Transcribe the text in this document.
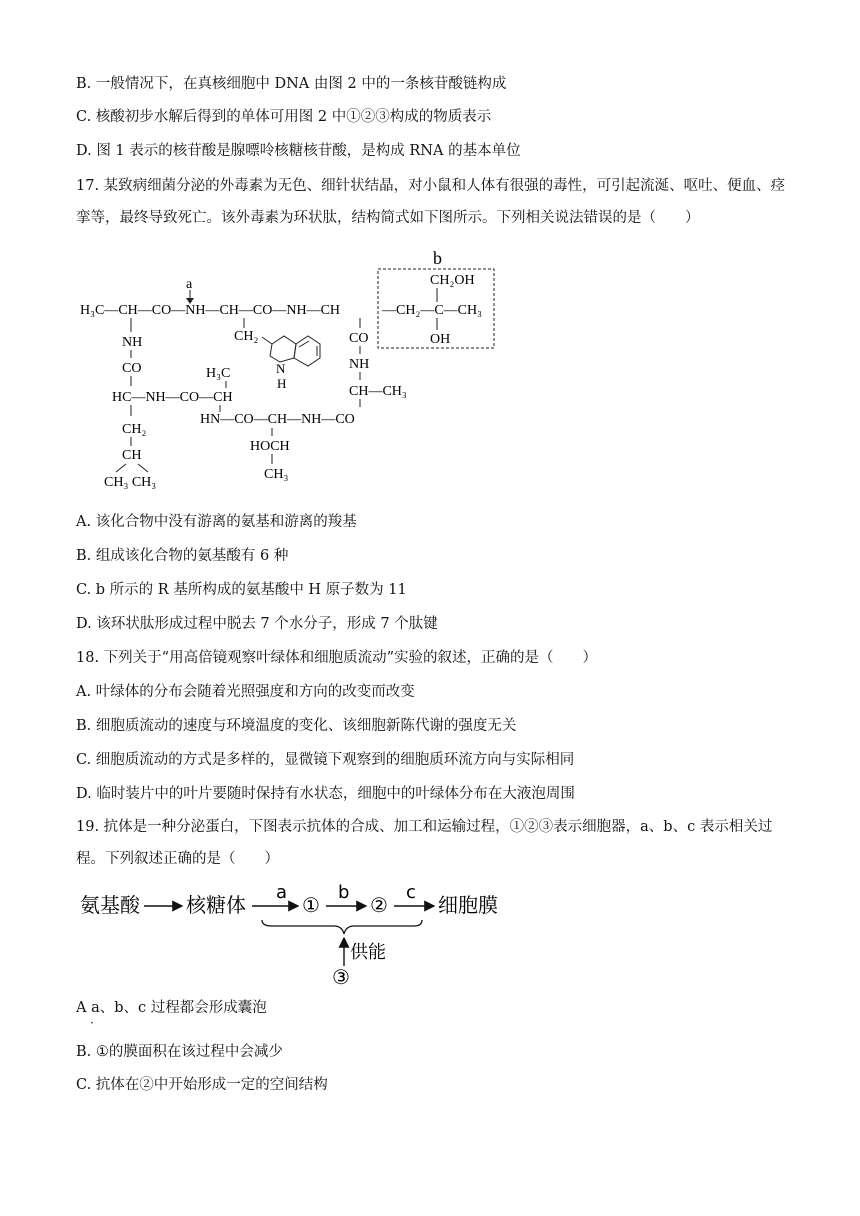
B. 一般情况下，在真核细胞中 DNA 由图 2 中的一条核苷酸链构成
C. 核酸初步水解后得到的单体可用图 2 中①②③构成的物质表示
D. 图 1 表示的核苷酸是腺嘌呤核糖核苷酸，是构成 RNA 的基本单位
17. 某致病细菌分泌的外毒素为无色、细针状结晶，对小鼠和人体有很强的毒性，可引起流涎、呕吐、便血、痉挛等，最终导致死亡。该外毒素为环状肽，结构简式如下图所示。下列相关说法错误的是（　　）
b
a
H₃C—CH—CO—NH—CH—CO—NH—CH	—CH₂—C—CH₃
CH₂OH
OH
CH₂
N
H
CO
NH
CH—CH₃
NH
CO	H₃C
HC—NH—CO—CH
HN—CO—CH—NH—CO
CH₂
CH
CH₃ CH₃
HOCH
CH₃
A. 该化合物中没有游离的氨基和游离的羧基
B. 组成该化合物的氨基酸有 6 种
C. b 所示的 R 基所构成的氨基酸中 H 原子数为 11
D. 该环状肽形成过程中脱去 7 个水分子，形成 7 个肽键
18. 下列关于“用高倍镜观察叶绿体和细胞质流动”实验的叙述，正确的是（　　）
A. 叶绿体的分布会随着光照强度和方向的改变而改变
B. 细胞质流动的速度与环境温度的变化、该细胞新陈代谢的强度无关
C. 细胞质流动的方式是多样的，显微镜下观察到的细胞质环流方向与实际相同
D. 临时装片中的叶片要随时保持有水状态，细胞中的叶绿体分布在大液泡周围
19. 抗体是一种分泌蛋白，下图表示抗体的合成、加工和运输过程，①②③表示细胞器，a、b、c 表示相关过程。下列叙述正确的是（　　）
氨基酸 核糖体
a
①
b
②
c
细胞膜
供能
③
A a、b、c 过程都会形成囊泡
·
B. ①的膜面积在该过程中会减少
C. 抗体在②中开始形成一定的空间结构
